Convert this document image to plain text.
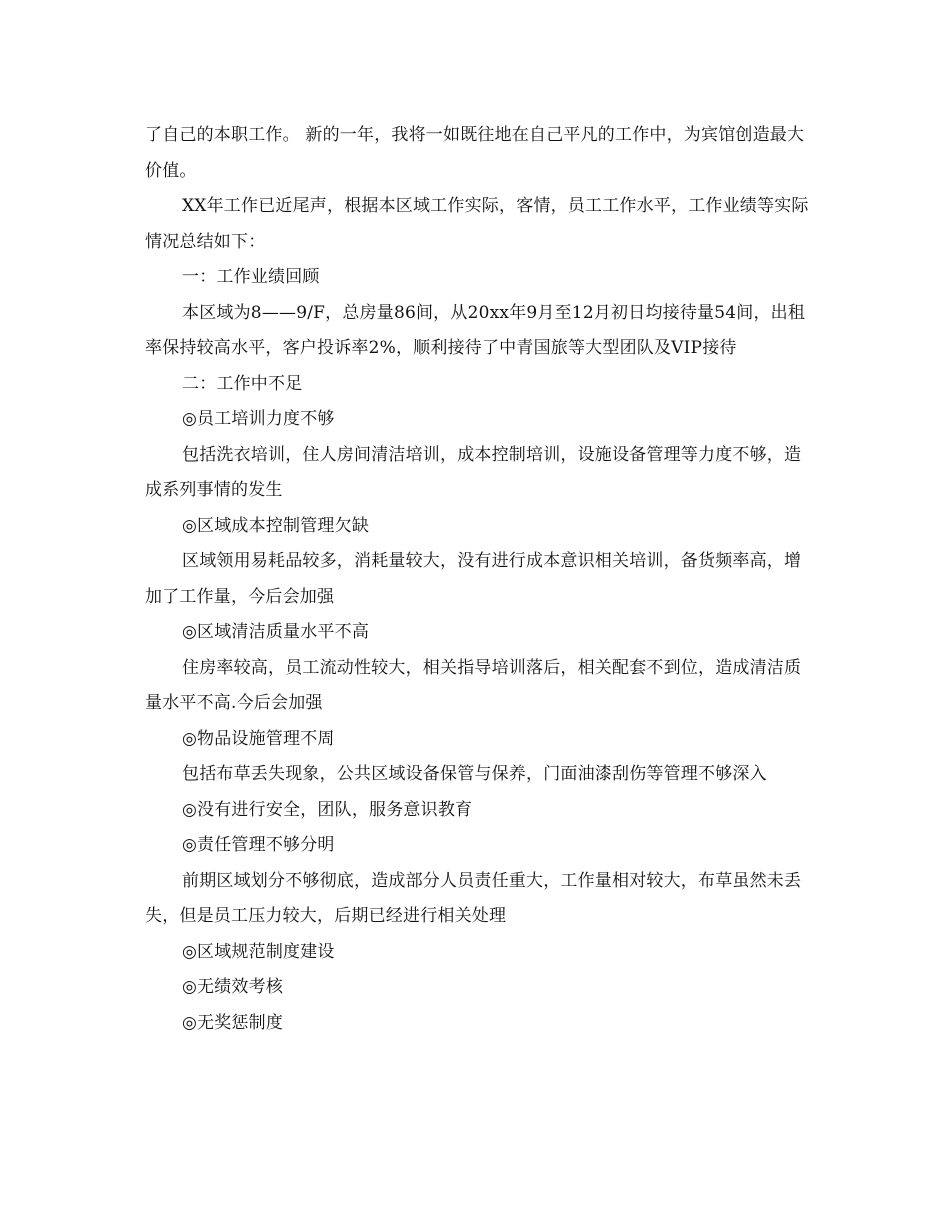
了自己的本职工作。 新的一年，我将一如既往地在自己平凡的工作中，为宾馆创造最大价值。

XX年工作已近尾声，根据本区域工作实际，客情，员工工作水平，工作业绩等实际情况总结如下：

一：工作业绩回顾

本区域为8——9/F，总房量86间，从20xx年9月至12月初日均接待量54间，出租率保持较高水平，客户投诉率2%，顺利接待了中青国旅等大型团队及VIP接待

二：工作中不足

◎员工培训力度不够

包括洗衣培训，住人房间清洁培训，成本控制培训，设施设备管理等力度不够，造成系列事情的发生

◎区域成本控制管理欠缺

区域领用易耗品较多，消耗量较大，没有进行成本意识相关培训，备货频率高，增加了工作量，今后会加强

◎区域清洁质量水平不高

住房率较高，员工流动性较大，相关指导培训落后，相关配套不到位，造成清洁质量水平不高.今后会加强

◎物品设施管理不周

包括布草丢失现象，公共区域设备保管与保养，门面油漆刮伤等管理不够深入

◎没有进行安全，团队，服务意识教育

◎责任管理不够分明

前期区域划分不够彻底，造成部分人员责任重大，工作量相对较大，布草虽然未丢失，但是员工压力较大，后期已经进行相关处理

◎区域规范制度建设

◎无绩效考核

◎无奖惩制度
